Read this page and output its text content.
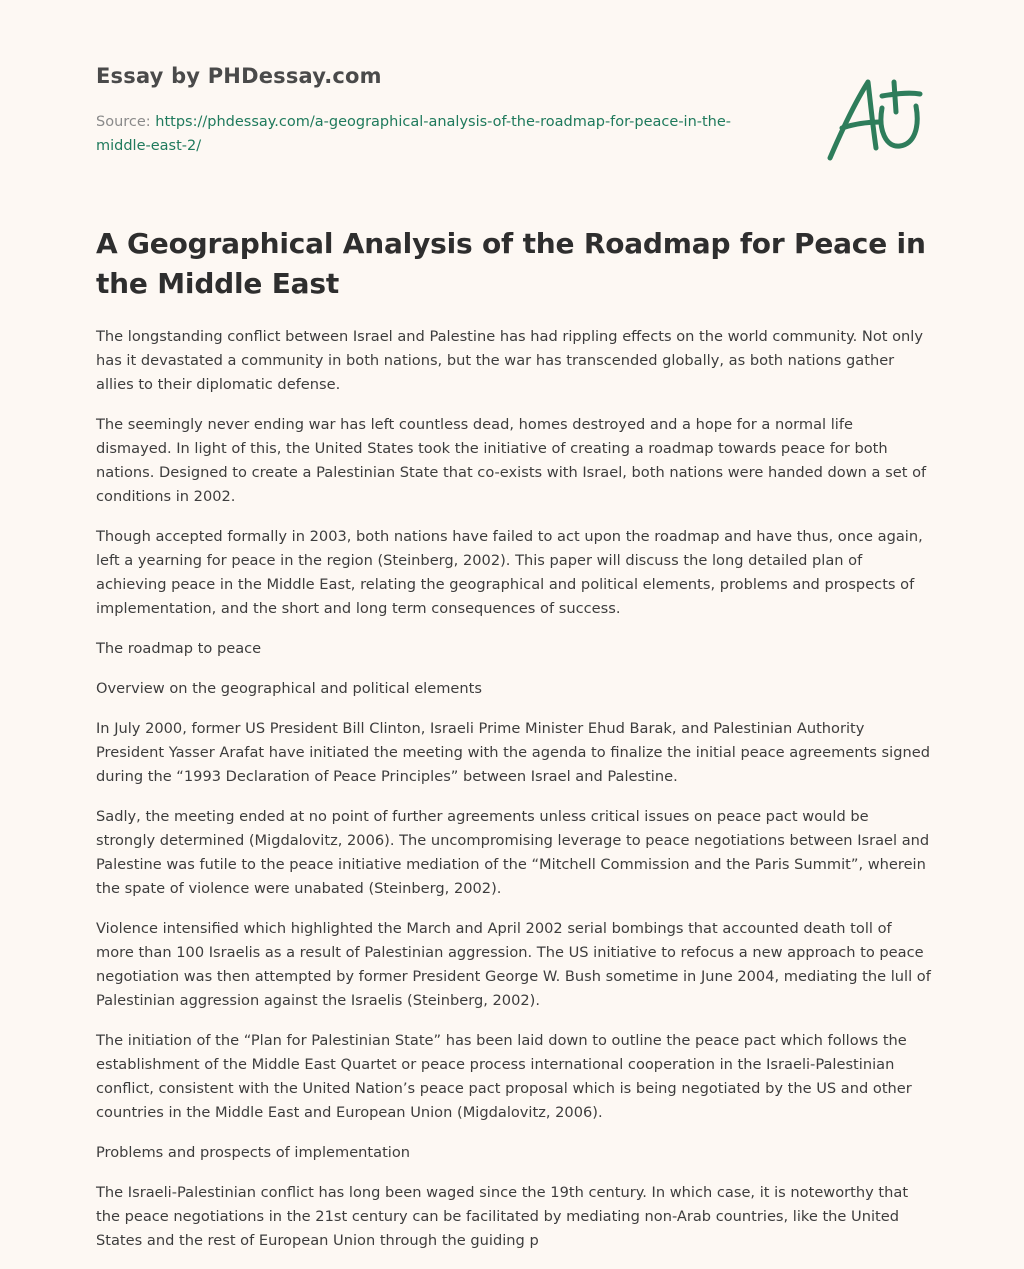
Essay by PHDessay.com

Source: https://phdessay.com/a-geographical-analysis-of-the-roadmap-for-peace-in-the-middle-east-2/

A Geographical Analysis of the Roadmap for Peace in the Middle East

The longstanding conflict between Israel and Palestine has had rippling effects on the world community. Not only has it devastated a community in both nations, but the war has transcended globally, as both nations gather allies to their diplomatic defense.

The seemingly never ending war has left countless dead, homes destroyed and a hope for a normal life dismayed. In light of this, the United States took the initiative of creating a roadmap towards peace for both nations. Designed to create a Palestinian State that co-exists with Israel, both nations were handed down a set of conditions in 2002.

Though accepted formally in 2003, both nations have failed to act upon the roadmap and have thus, once again, left a yearning for peace in the region (Steinberg, 2002). This paper will discuss the long detailed plan of achieving peace in the Middle East, relating the geographical and political elements, problems and prospects of implementation, and the short and long term consequences of success.

The roadmap to peace

Overview on the geographical and political elements

In July 2000, former US President Bill Clinton, Israeli Prime Minister Ehud Barak, and Palestinian Authority President Yasser Arafat have initiated the meeting with the agenda to finalize the initial peace agreements signed during the “1993 Declaration of Peace Principles” between Israel and Palestine.

Sadly, the meeting ended at no point of further agreements unless critical issues on peace pact would be strongly determined (Migdalovitz, 2006). The uncompromising leverage to peace negotiations between Israel and Palestine was futile to the peace initiative mediation of the “Mitchell Commission and the Paris Summit”, wherein the spate of violence were unabated (Steinberg, 2002).

Violence intensified which highlighted the March and April 2002 serial bombings that accounted death toll of more than 100 Israelis as a result of Palestinian aggression. The US initiative to refocus a new approach to peace negotiation was then attempted by former President George W. Bush sometime in June 2004, mediating the lull of Palestinian aggression against the Israelis (Steinberg, 2002).

The initiation of the “Plan for Palestinian State” has been laid down to outline the peace pact which follows the establishment of the Middle East Quartet or peace process international cooperation in the Israeli-Palestinian conflict, consistent with the United Nation’s peace pact proposal which is being negotiated by the US and other countries in the Middle East and European Union (Migdalovitz, 2006).

Problems and prospects of implementation

The Israeli-Palestinian conflict has long been waged since the 19th century. In which case, it is noteworthy that the peace negotiations in the 21st century can be facilitated by mediating non-Arab countries, like the United States and the rest of European Union through the guiding p
